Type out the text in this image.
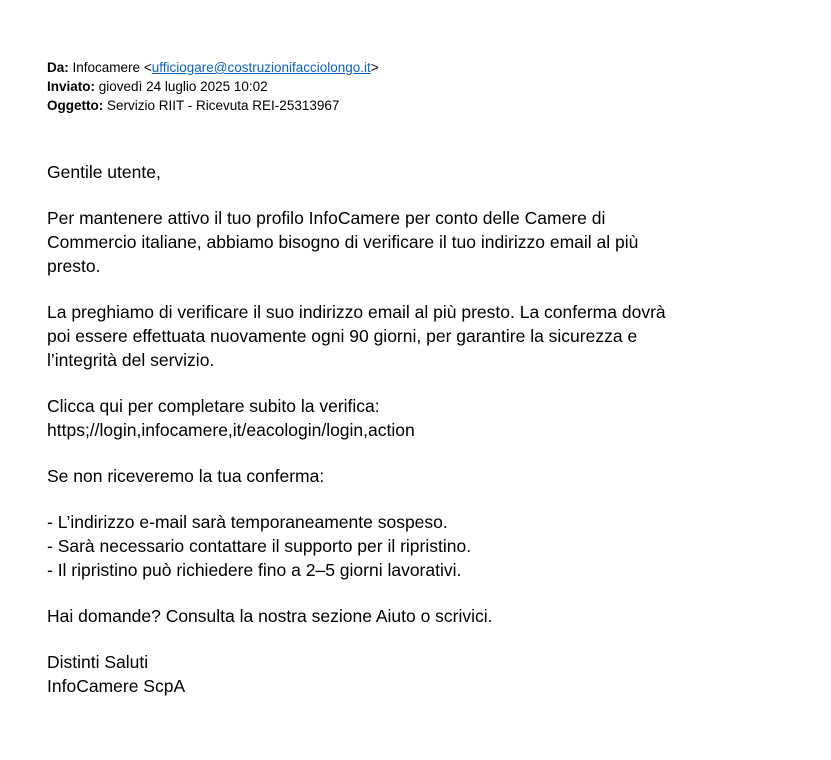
Da: Infocamere <ufficiogare@costruzionifacciolongo.it>
Inviato: giovedì 24 luglio 2025 10:02
Oggetto: Servizio RIIT - Ricevuta REI-25313967

Gentile utente,

Per mantenere attivo il tuo profilo InfoCamere per conto delle Camere di
Commercio italiane, abbiamo bisogno di verificare il tuo indirizzo email al più
presto.

La preghiamo di verificare il suo indirizzo email al più presto. La conferma dovrà
poi essere effettuata nuovamente ogni 90 giorni, per garantire la sicurezza e
l’integrità del servizio.

Clicca qui per completare subito la verifica:
https;//login,infocamere,it/eacologin/login,action

Se non riceveremo la tua conferma:

- L’indirizzo e-mail sarà temporaneamente sospeso.
- Sarà necessario contattare il supporto per il ripristino.
- Il ripristino può richiedere fino a 2–5 giorni lavorativi.

Hai domande? Consulta la nostra sezione Aiuto o scrivici.

Distinti Saluti
InfoCamere ScpA
